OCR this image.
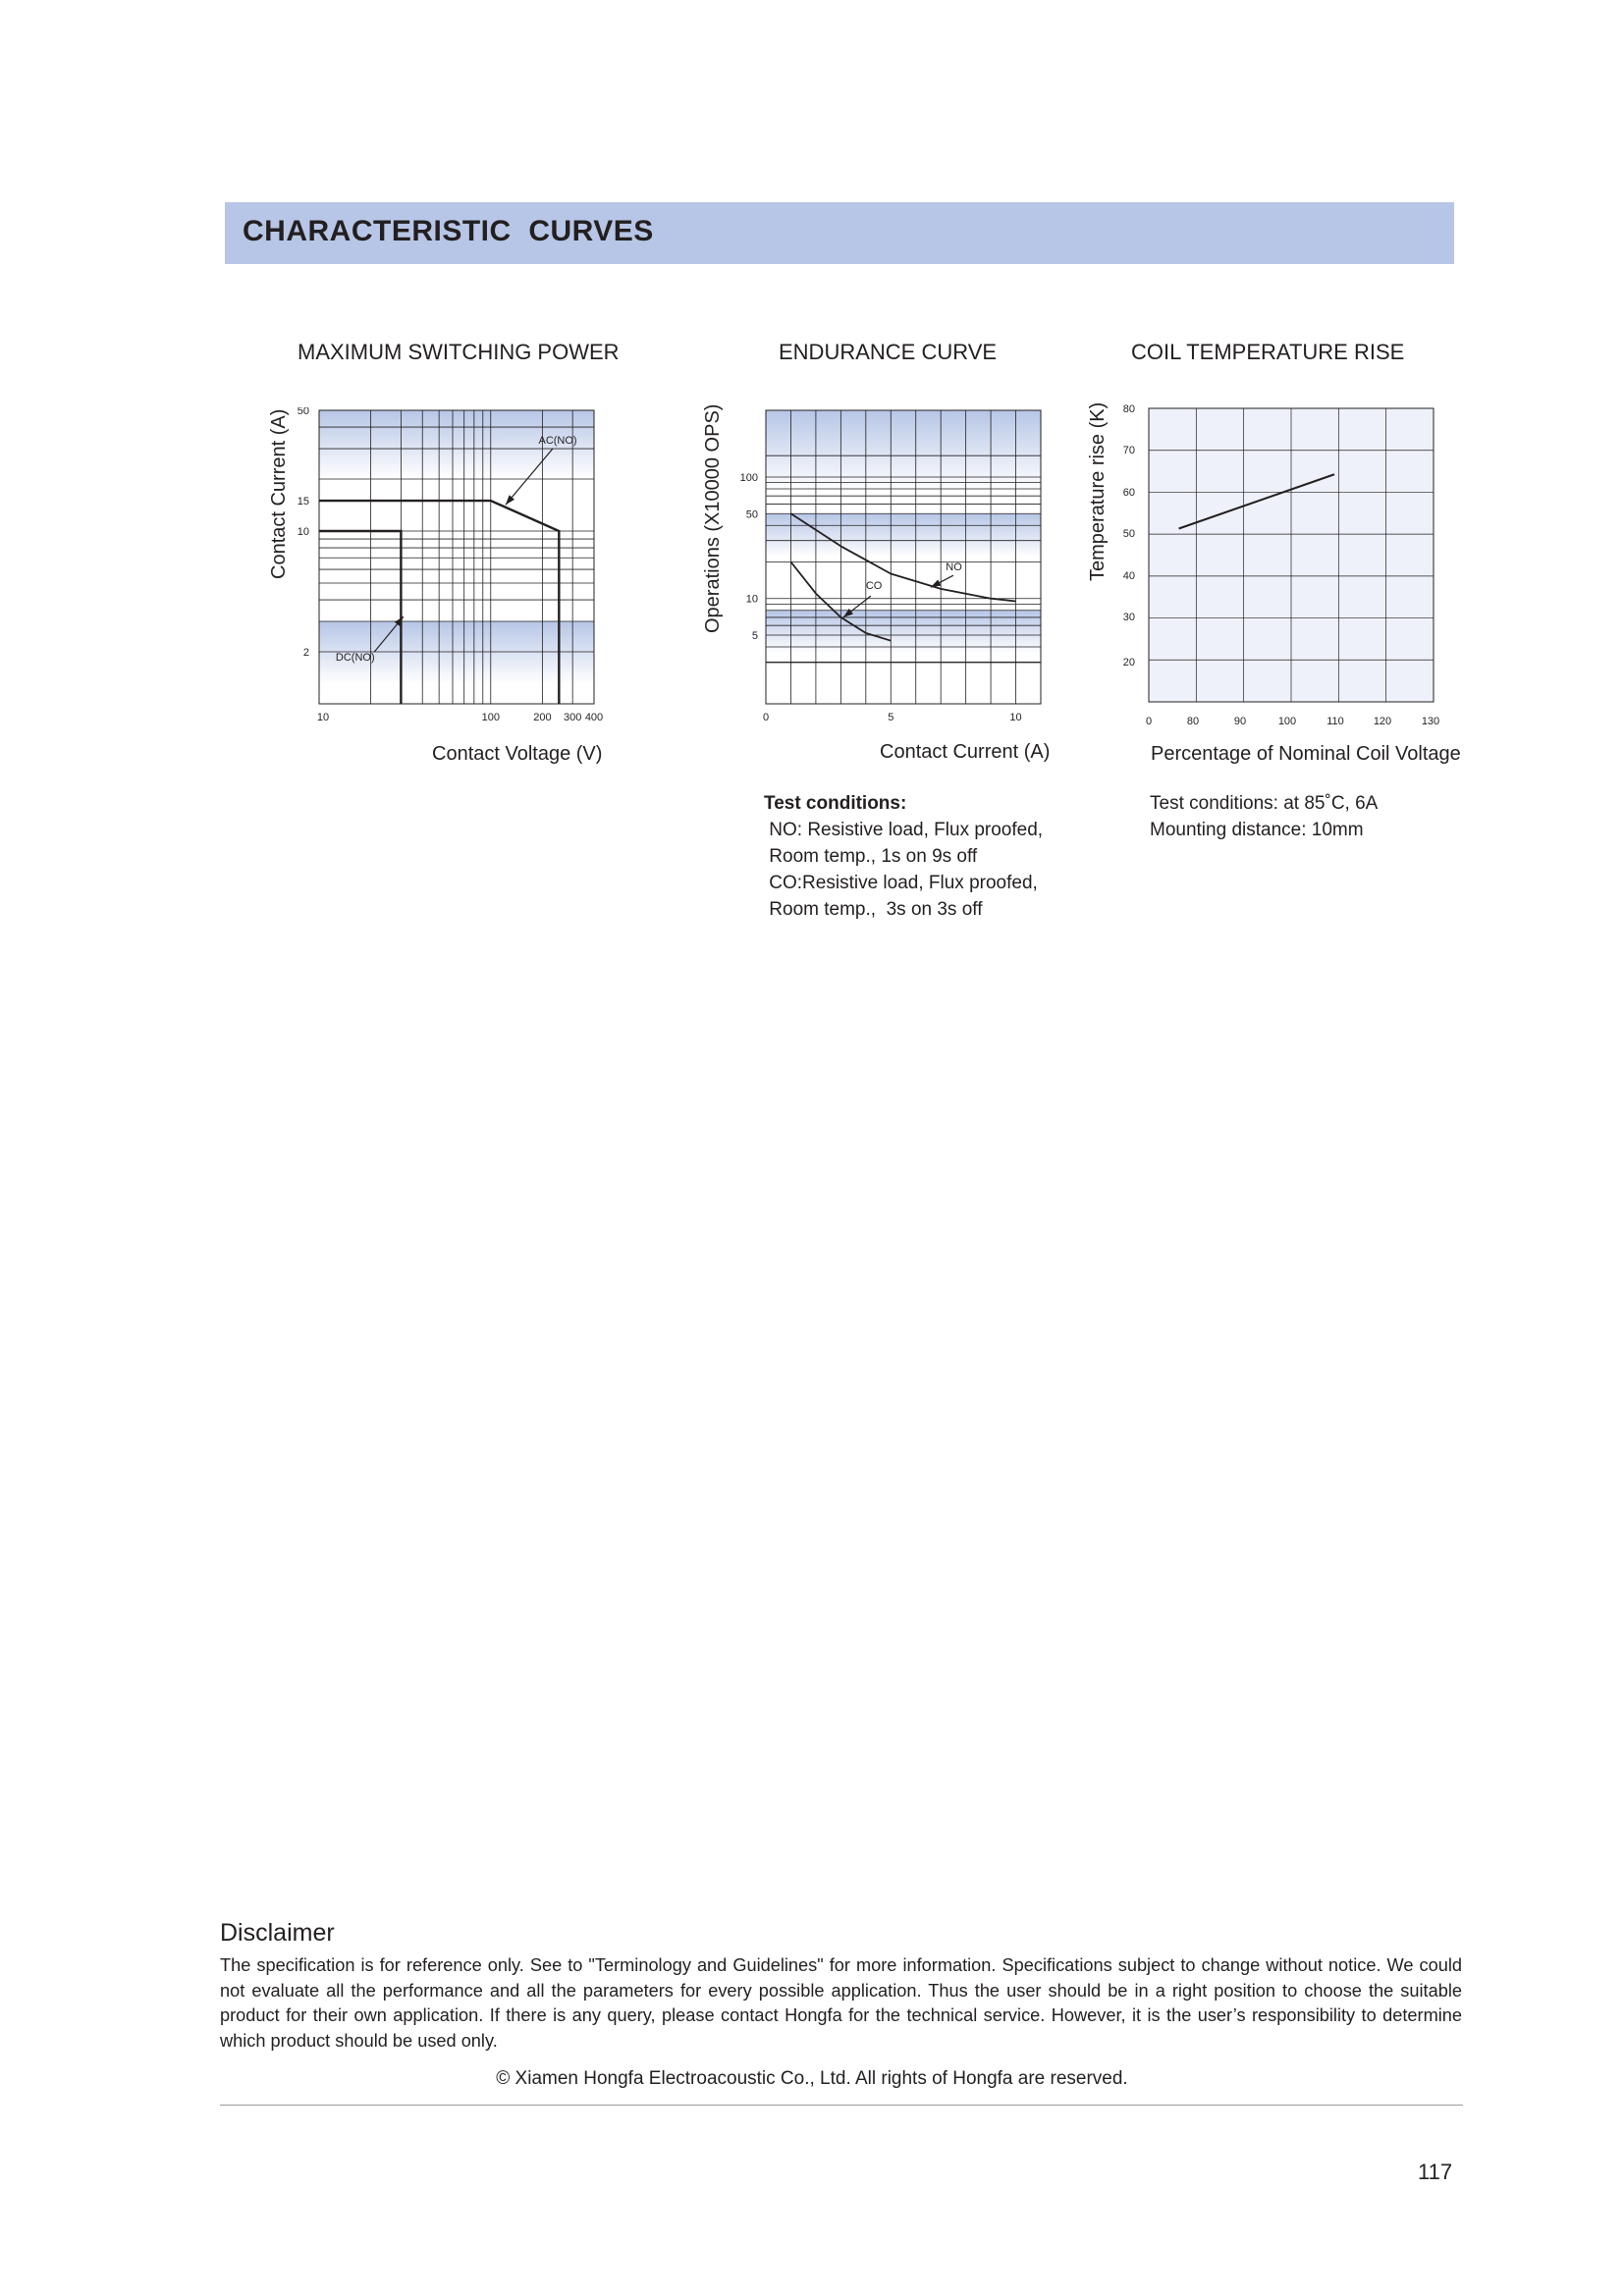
CHARACTERISTIC  CURVES
MAXIMUM SWITCHING POWER	ENDURANCE CURVE	COIL TEMPERATURE RISE
AC(NO)
DC(NO)
50
15
10
2
10	100	200 300 400
Contact Current (A)
Contact Voltage (V)
NO
CO
100
50
10
5
0	5	10
Operations (X10000 OPS)
Contact Current (A)
80
70
60
50
40
30
20
0	80	90	100	110	120	130
Temperature rise (K)
Percentage of Nominal Coil Voltage
Test conditions:
NO: Resistive load, Flux proofed,
Room temp., 1s on 9s off
CO:Resistive load, Flux proofed,
Room temp.,  3s on 3s off
Test conditions: at 85˚C, 6A
Mounting distance: 10mm
Disclaimer
The specification is for reference only. See to "Terminology and Guidelines" for more information. Specifications subject to change without notice. We could not evaluate all the performance and all the parameters for every possible application. Thus the user should be in a right position to choose the suitable product for their own application. If there is any query, please contact Hongfa for the technical service. However, it is the user’s responsibility to determine which product should be used only.
© Xiamen Hongfa Electroacoustic Co., Ltd. All rights of Hongfa are reserved.
117
